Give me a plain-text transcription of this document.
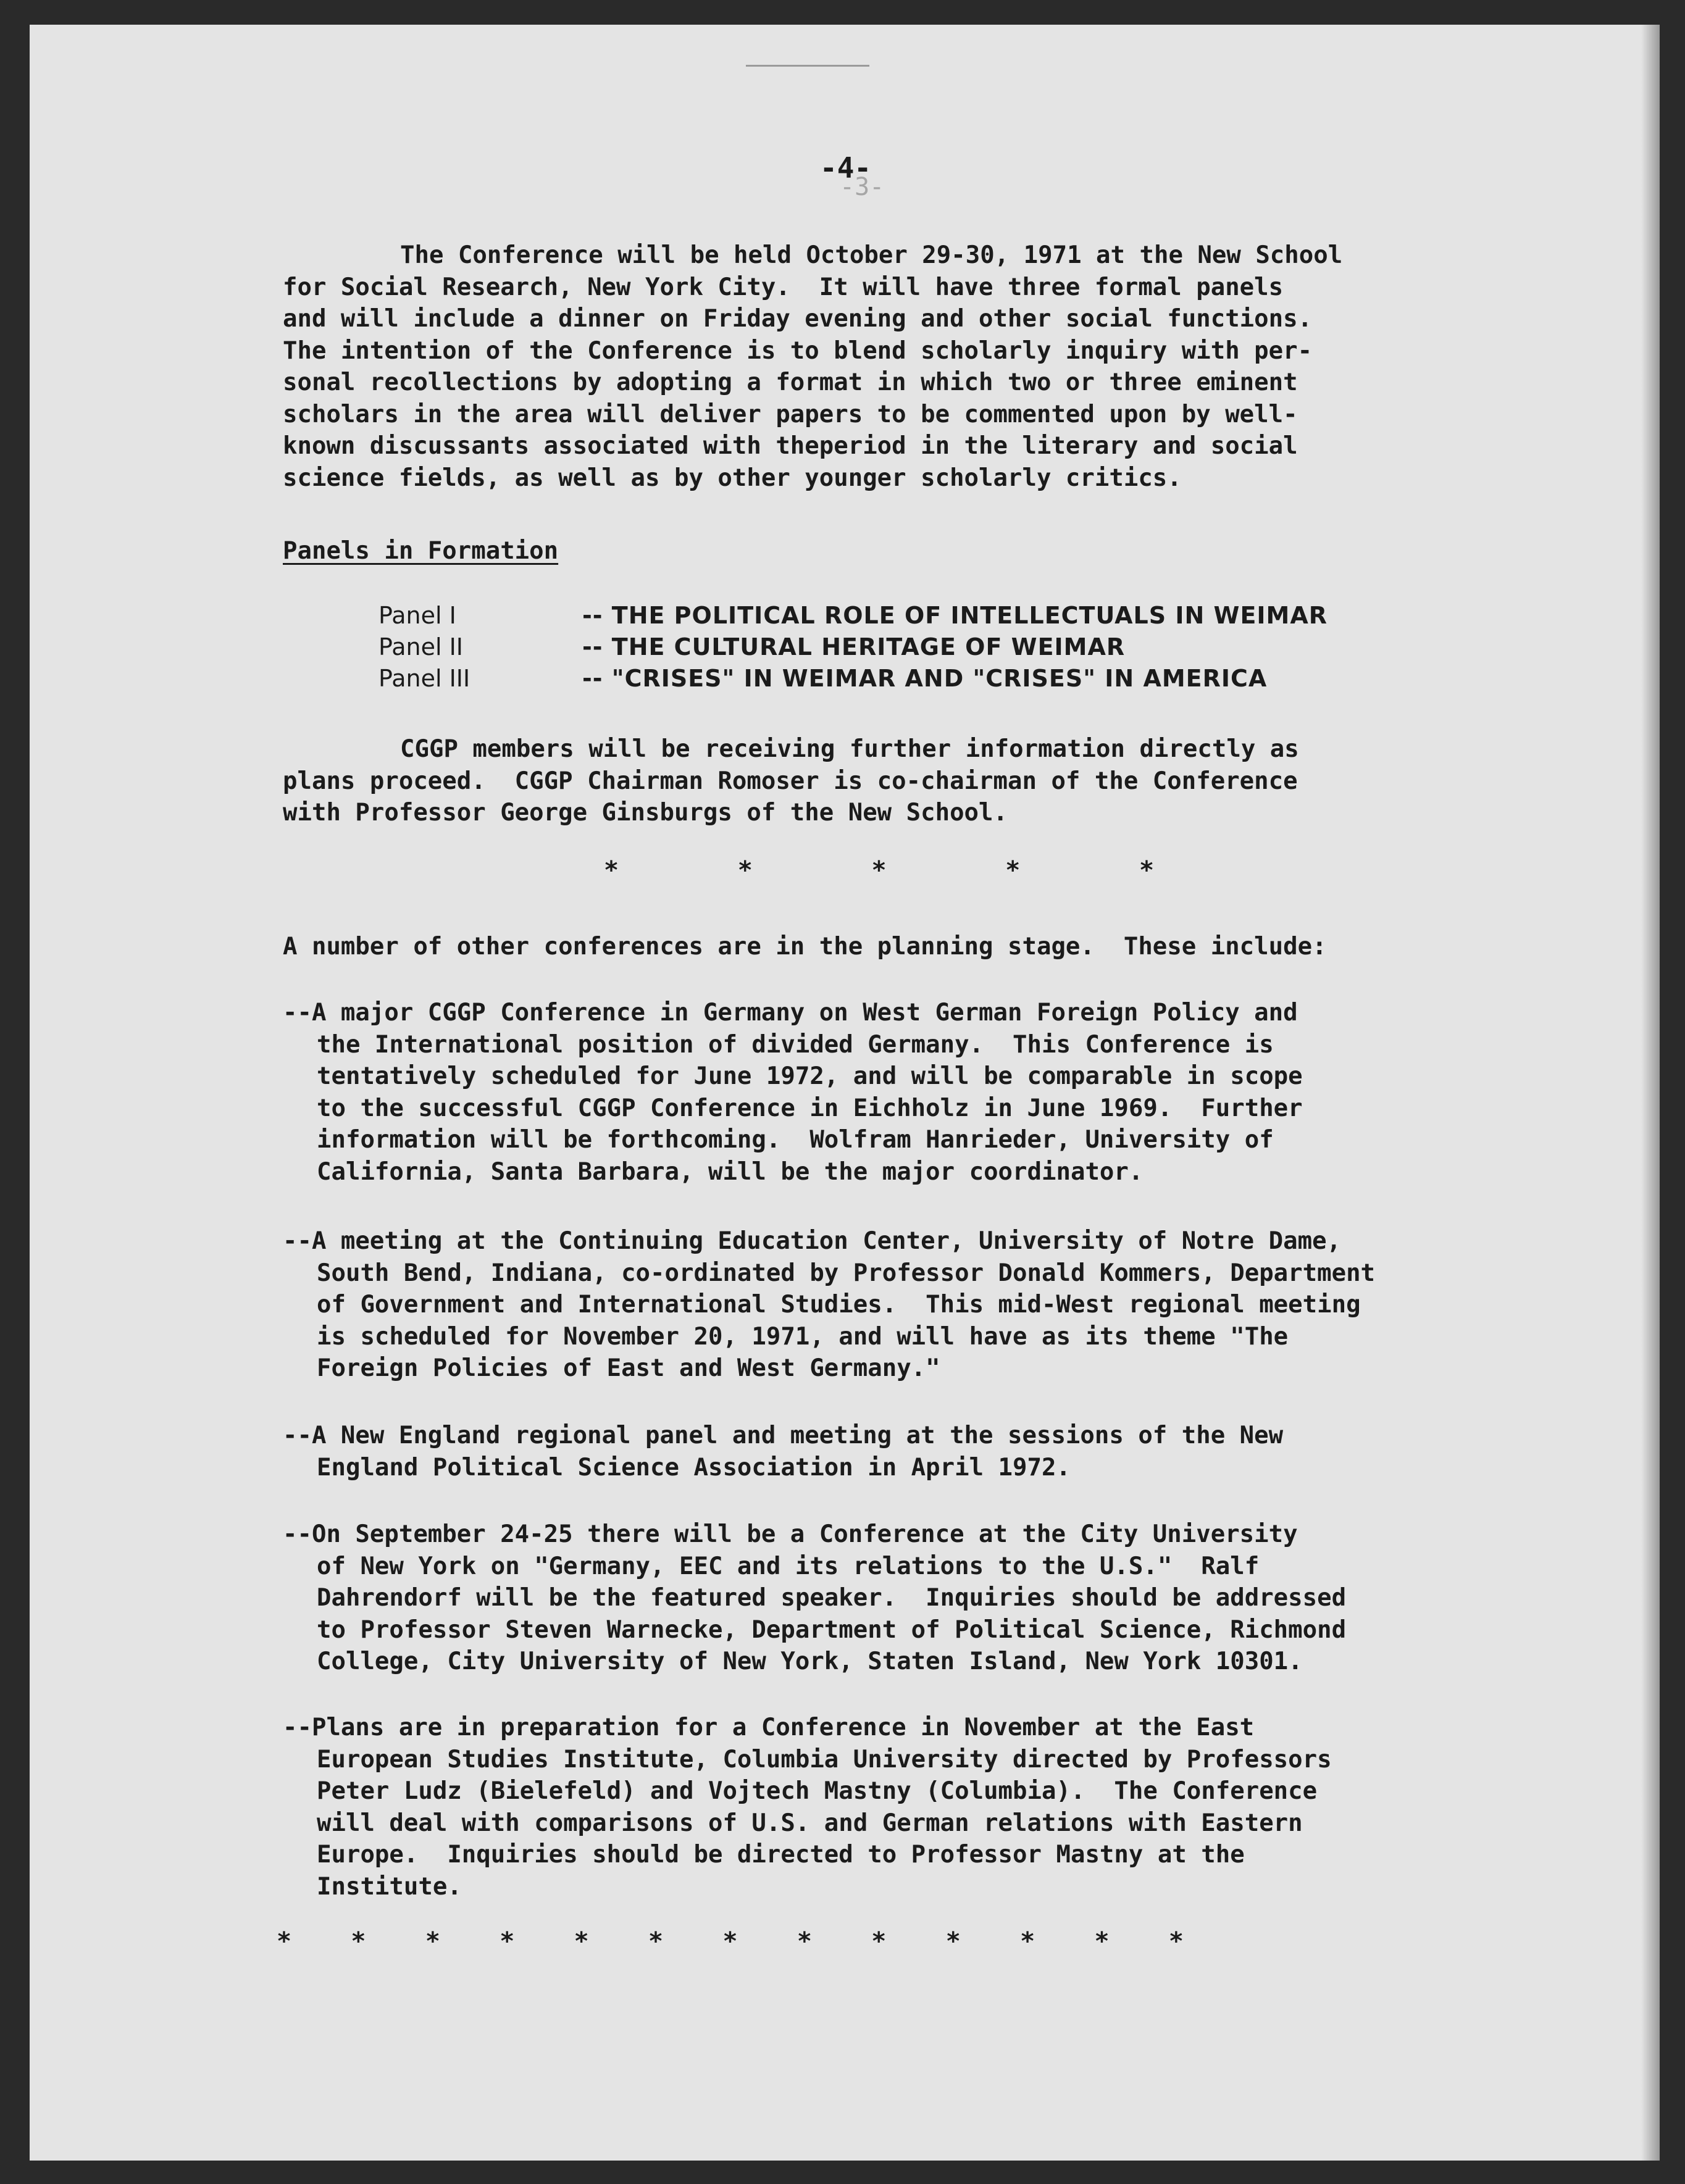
-4-
-3-

The Conference will be held October 29-30, 1971 at the New School

for Social Research, New York City.  It will have three formal panels

and will include a dinner on Friday evening and other social functions.

The intention of the Conference is to blend scholarly inquiry with per-

sonal recollections by adopting a format in which two or three eminent

scholars in the area will deliver papers to be commented upon by well-

known discussants associated with theperiod in the literary and social

science fields, as well as by other younger scholarly critics.

Panels in Formation
Panel I	-- THE POLITICAL ROLE OF INTELLECTUALS IN WEIMAR
Panel II	-- THE CULTURAL HERITAGE OF WEIMAR
Panel III	-- "CRISES" IN WEIMAR AND "CRISES" IN AMERICA

CGGP members will be receiving further information directly as

plans proceed.  CGGP Chairman Romoser is co-chairman of the Conference

with Professor George Ginsburgs of the New School.

*        *        *        *        *

A number of other conferences are in the planning stage.  These include:

--A major CGGP Conference in Germany on West German Foreign Policy and

the International position of divided Germany.  This Conference is

tentatively scheduled for June 1972, and will be comparable in scope

to the successful CGGP Conference in Eichholz in June 1969.  Further

information will be forthcoming.  Wolfram Hanrieder, University of

California, Santa Barbara, will be the major coordinator.

--A meeting at the Continuing Education Center, University of Notre Dame,

South Bend, Indiana, co-ordinated by Professor Donald Kommers, Department

of Government and International Studies.  This mid-West regional meeting

is scheduled for November 20, 1971, and will have as its theme "The

Foreign Policies of East and West Germany."

--A New England regional panel and meeting at the sessions of the New

England Political Science Association in April 1972.

--On September 24-25 there will be a Conference at the City University

of New York on "Germany, EEC and its relations to the U.S."  Ralf

Dahrendorf will be the featured speaker.  Inquiries should be addressed

to Professor Steven Warnecke, Department of Political Science, Richmond

College, City University of New York, Staten Island, New York 10301.

--Plans are in preparation for a Conference in November at the East

European Studies Institute, Columbia University directed by Professors

Peter Ludz (Bielefeld) and Vojtech Mastny (Columbia).  The Conference

will deal with comparisons of U.S. and German relations with Eastern

Europe.  Inquiries should be directed to Professor Mastny at the

Institute.

*    *    *    *    *    *    *    *    *    *    *    *    *
